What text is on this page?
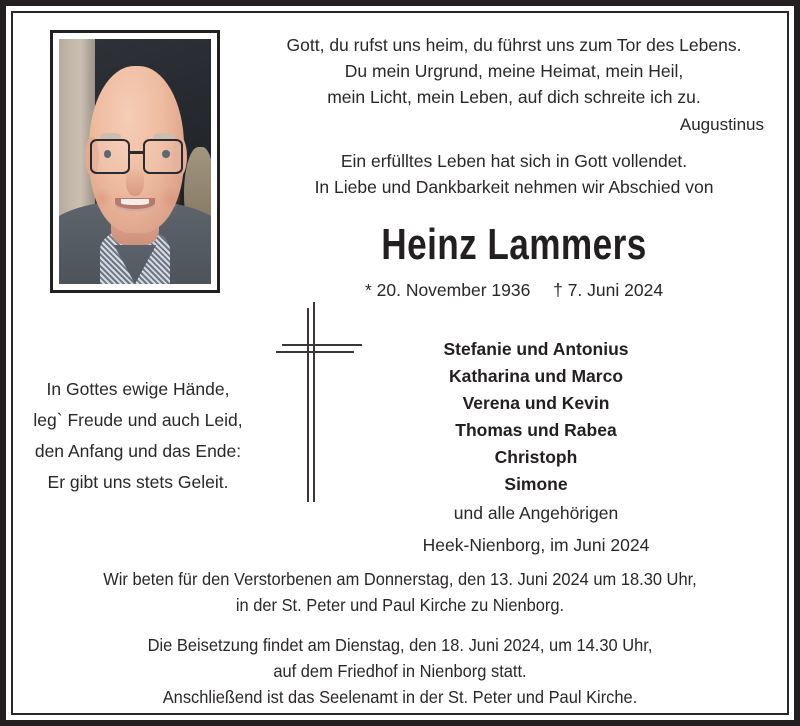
Gott, du rufst uns heim, du führst uns zum Tor des Lebens.
Du mein Urgrund, meine Heimat, mein Heil,
mein Licht, mein Leben, auf dich schreite ich zu.
Augustinus
Ein erfülltes Leben hat sich in Gott vollendet.
In Liebe und Dankbarkeit nehmen wir Abschied von
Heinz Lammers
* 20. November 1936 † 7. Juni 2024
In Gottes ewige Hände,
leg` Freude und auch Leid,
den Anfang und das Ende:
Er gibt uns stets Geleit.
Stefanie und Antonius
Katharina und Marco
Verena und Kevin
Thomas und Rabea
Christoph
Simone
und alle Angehörigen
Heek-Nienborg, im Juni 2024
Wir beten für den Verstorbenen am Donnerstag, den 13. Juni 2024 um 18.30 Uhr,
in der St. Peter und Paul Kirche zu Nienborg.
Die Beisetzung findet am Dienstag, den 18. Juni 2024, um 14.30 Uhr,
auf dem Friedhof in Nienborg statt.
Anschließend ist das Seelenamt in der St. Peter und Paul Kirche.
